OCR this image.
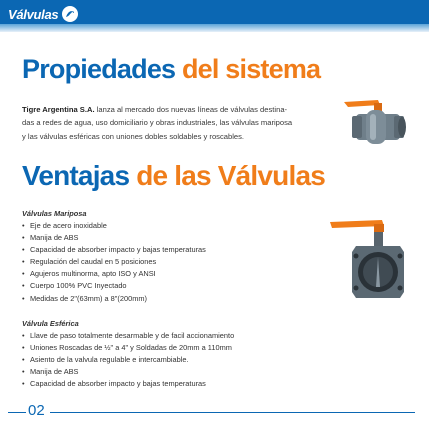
Válvulas
Propiedades del sistema
Tigre Argentina S.A. lanza al mercado dos nuevas líneas de válvulas destina-
das a redes de agua, uso domiciliario y obras industriales, las válvulas mariposa
y las válvulas esféricas con uniones dobles soldables y roscables.
Ventajas de las Válvulas
Válvulas Mariposa
• Eje de acero inoxidable
• Manija de ABS
• Capacidad de absorber impacto y bajas temperaturas
• Regulación del caudal en 5 posiciones
• Agujeros multinorma, apto ISO y ANSI
• Cuerpo 100% PVC Inyectado
• Medidas de 2"(63mm) a 8"(200mm)
Válvula Esférica
• Llave de paso totalmente desarmable y de facil accionamiento
• Uniones Roscadas de ½" a 4" y Soldadas de 20mm a 110mm
• Asiento de la valvula regulable e intercambiable.
• Manija de ABS
• Capacidad de absorber impacto y bajas temperaturas
02
